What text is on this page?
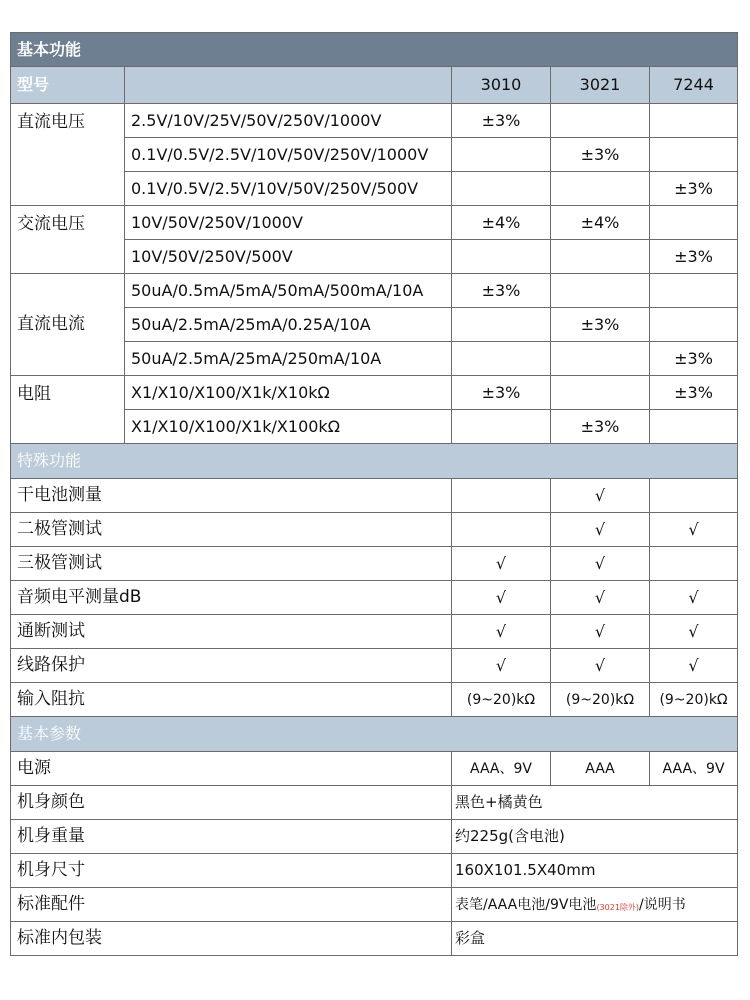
基本功能				
型号		3010	3021	7244
直流电压	2.5V/10V/25V/50V/250V/1000V	±3%		
	0.1V/0.5V/2.5V/10V/50V/250V/1000V		±3%	
	0.1V/0.5V/2.5V/10V/50V/250V/500V			±3%
交流电压	10V/50V/250V/1000V	±4%	±4%	
	10V/50V/250V/500V			±3%
直流电流	50uA/0.5mA/5mA/50mA/500mA/10A	±3%		
	50uA/2.5mA/25mA/0.25A/10A		±3%	
	50uA/2.5mA/25mA/250mA/10A			±3%
电阻	X1/X10/X100/X1k/X10kΩ	±3%		±3%
	X1/X10/X100/X1k/X100kΩ		±3%	
特殊功能				
干电池测量			√	
二极管测试			√	√
三极管测试		√	√	
音频电平测量dB		√	√	√
通断测试		√	√	√
线路保护		√	√	√
输入阻抗		(9~20)kΩ	(9~20)kΩ	(9~20)kΩ
基本参数				
电源		AAA、9V	AAA	AAA、9V
机身颜色		黑色+橘黄色		
机身重量		约225g(含电池)		
机身尺寸		160X101.5X40mm		
标准配件		表笔/AAA电池/9V电池(3021除外)/说明书		
标准内包装		彩盒		
